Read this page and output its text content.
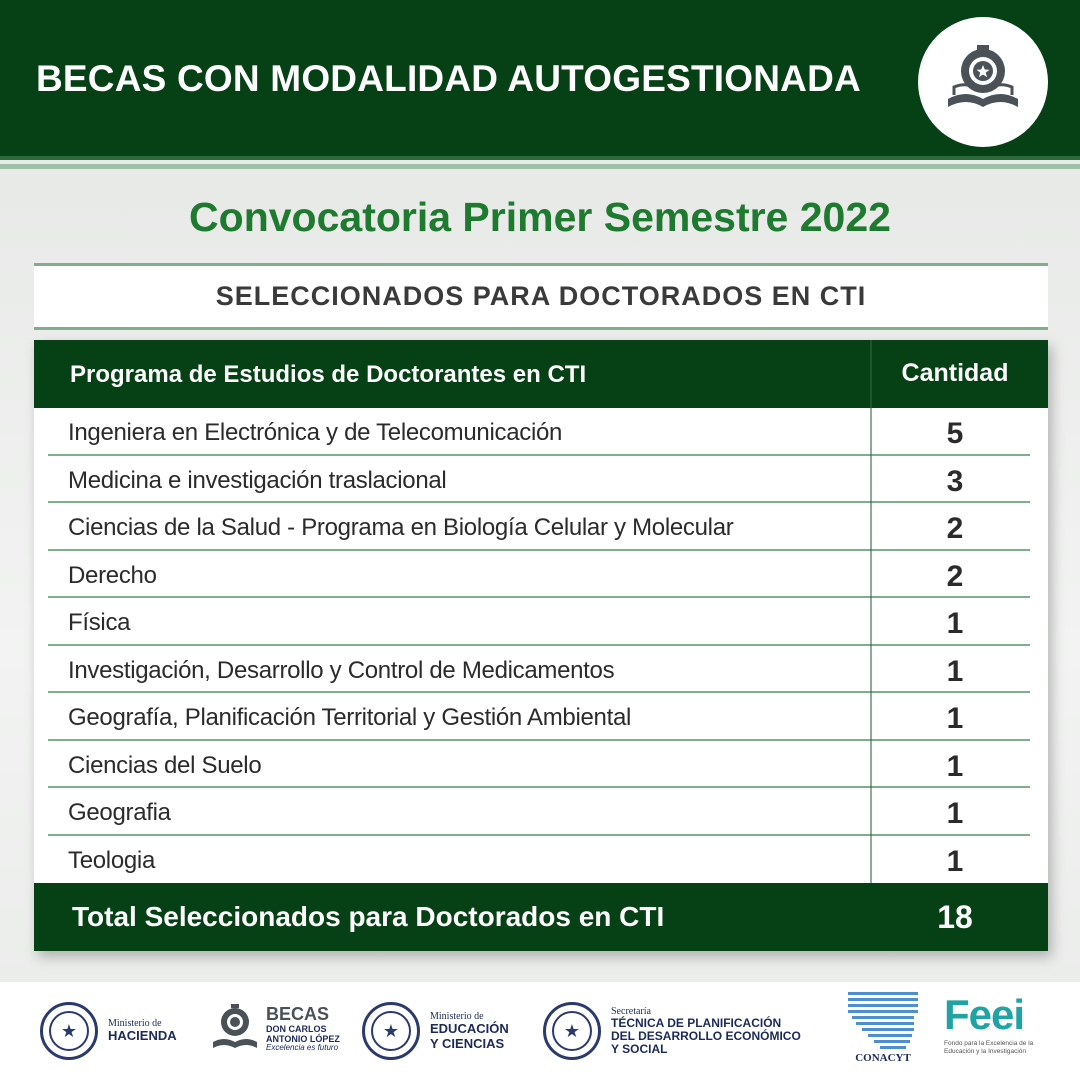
BECAS CON MODALIDAD AUTOGESTIONADA
Convocatoria Primer Semestre 2022
SELECCIONADOS PARA DOCTORADOS EN CTI
Programa de Estudios de Doctorantes en CTI	Cantidad
Ingeniera en Electrónica y de Telecomunicación	5
Medicina e investigación traslacional	3
Ciencias de la Salud - Programa en Biología Celular y Molecular	2
Derecho	2
Física	1
Investigación, Desarrollo y Control de Medicamentos	1
Geografía, Planificación Territorial y Gestión Ambiental	1
Ciencias del Suelo	1
Geografia	1
Teologia	1
Total Seleccionados para Doctorados en CTI	18
★	Ministerio de
HACIENDA
BECAS
DON CARLOS
ANTONIO LÓPEZ
Excelencia es futuro
★
Ministerio de
EDUCACIÓN
Y CIENCIAS
★
Secretaría
TÉCNICA DE PLANIFICACIÓN
DEL DESARROLLO ECONÓMICO
Y SOCIAL
CONACYT
Feei
Fondo para la Excelencia de la Educación y la Investigación
